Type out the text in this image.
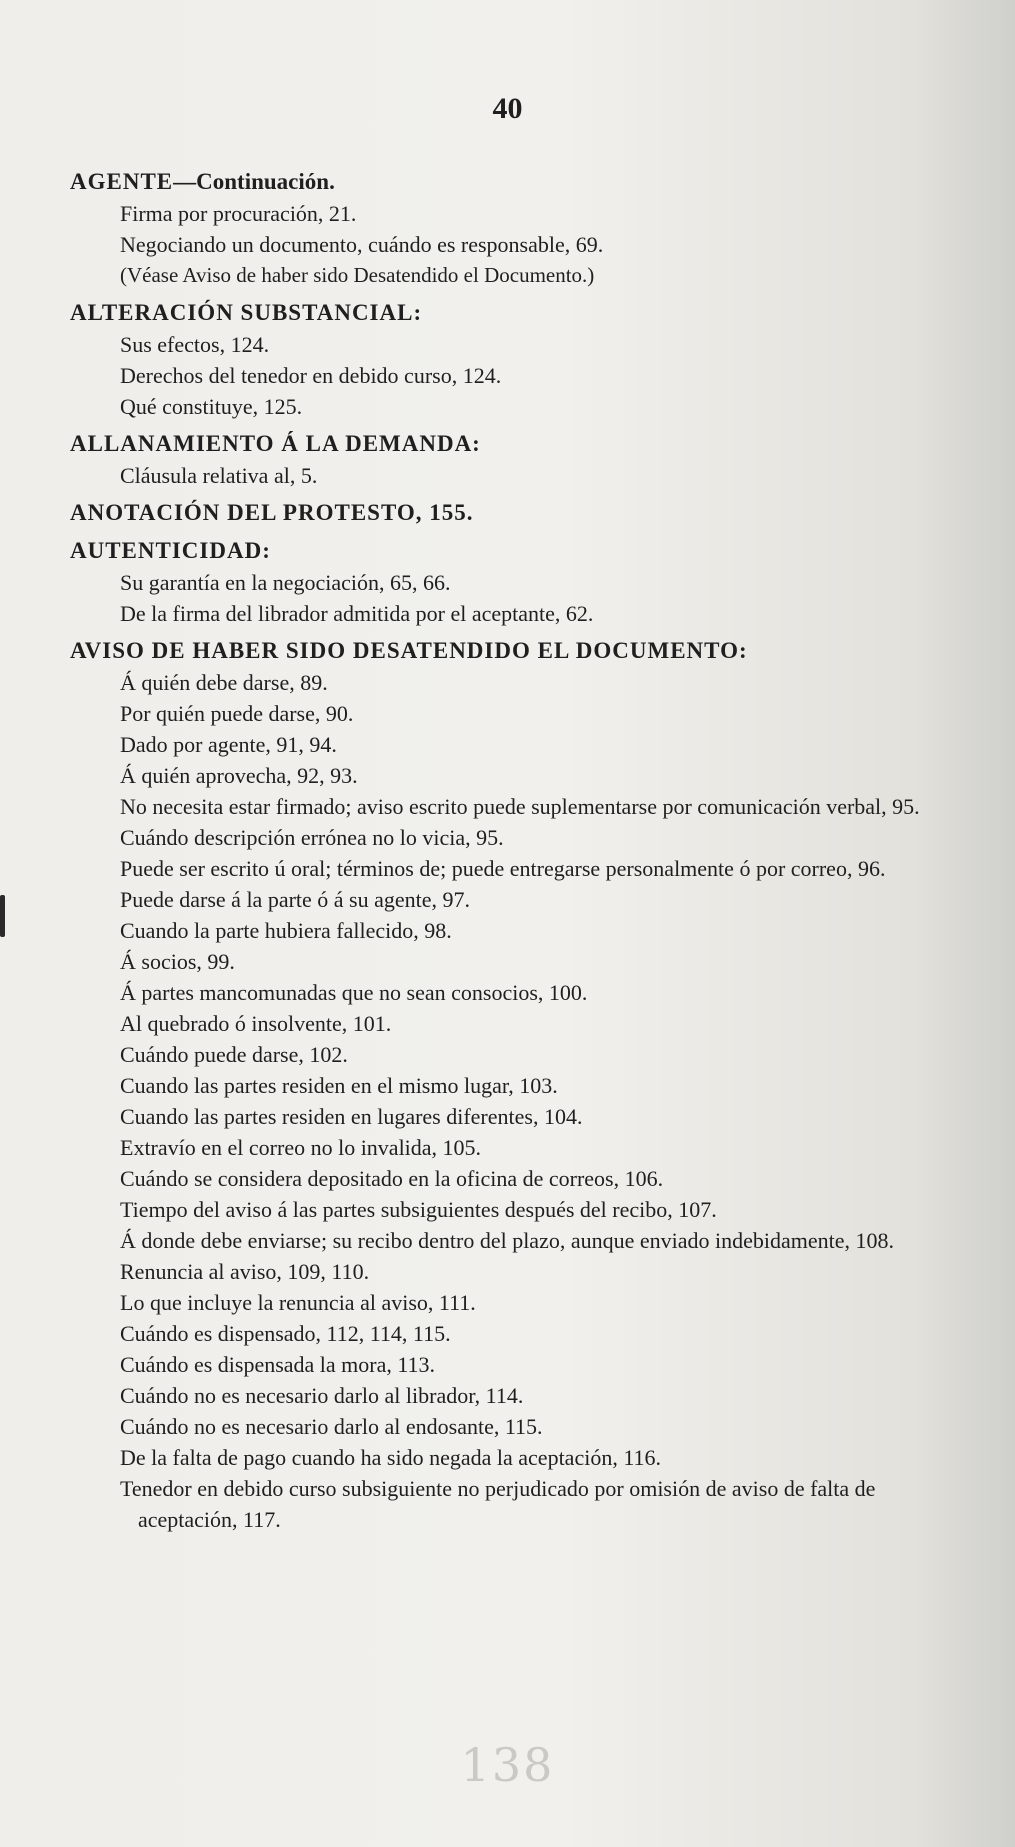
40
AGENTE—Continuación.
Firma por procuración, 21.
Negociando un documento, cuándo es responsable, 69.
(Véase Aviso de haber sido Desatendido el Documento.)
ALTERACIÓN SUBSTANCIAL:
Sus efectos, 124.
Derechos del tenedor en debido curso, 124.
Qué constituye, 125.
ALLANAMIENTO Á LA DEMANDA:
Cláusula relativa al, 5.
ANOTACIÓN DEL PROTESTO, 155.
AUTENTICIDAD:
Su garantía en la negociación, 65, 66.
De la firma del librador admitida por el aceptante, 62.
AVISO DE HABER SIDO DESATENDIDO EL DOCUMENTO:
Á quién debe darse, 89.
Por quién puede darse, 90.
Dado por agente, 91, 94.
Á quién aprovecha, 92, 93.
No necesita estar firmado; aviso escrito puede suplementarse por comunicación verbal, 95.
Cuándo descripción errónea no lo vicia, 95.
Puede ser escrito ú oral; términos de; puede entregarse personalmente ó por correo, 96.
Puede darse á la parte ó á su agente, 97.
Cuando la parte hubiera fallecido, 98.
Á socios, 99.
Á partes mancomunadas que no sean consocios, 100.
Al quebrado ó insolvente, 101.
Cuándo puede darse, 102.
Cuando las partes residen en el mismo lugar, 103.
Cuando las partes residen en lugares diferentes, 104.
Extravío en el correo no lo invalida, 105.
Cuándo se considera depositado en la oficina de correos, 106.
Tiempo del aviso á las partes subsiguientes después del recibo, 107.
Á donde debe enviarse; su recibo dentro del plazo, aunque enviado indebidamente, 108.
Renuncia al aviso, 109, 110.
Lo que incluye la renuncia al aviso, 111.
Cuándo es dispensado, 112, 114, 115.
Cuándo es dispensada la mora, 113.
Cuándo no es necesario darlo al librador, 114.
Cuándo no es necesario darlo al endosante, 115.
De la falta de pago cuando ha sido negada la aceptación, 116.
Tenedor en debido curso subsiguiente no perjudicado por omisión de aviso de falta de aceptación, 117.
138
